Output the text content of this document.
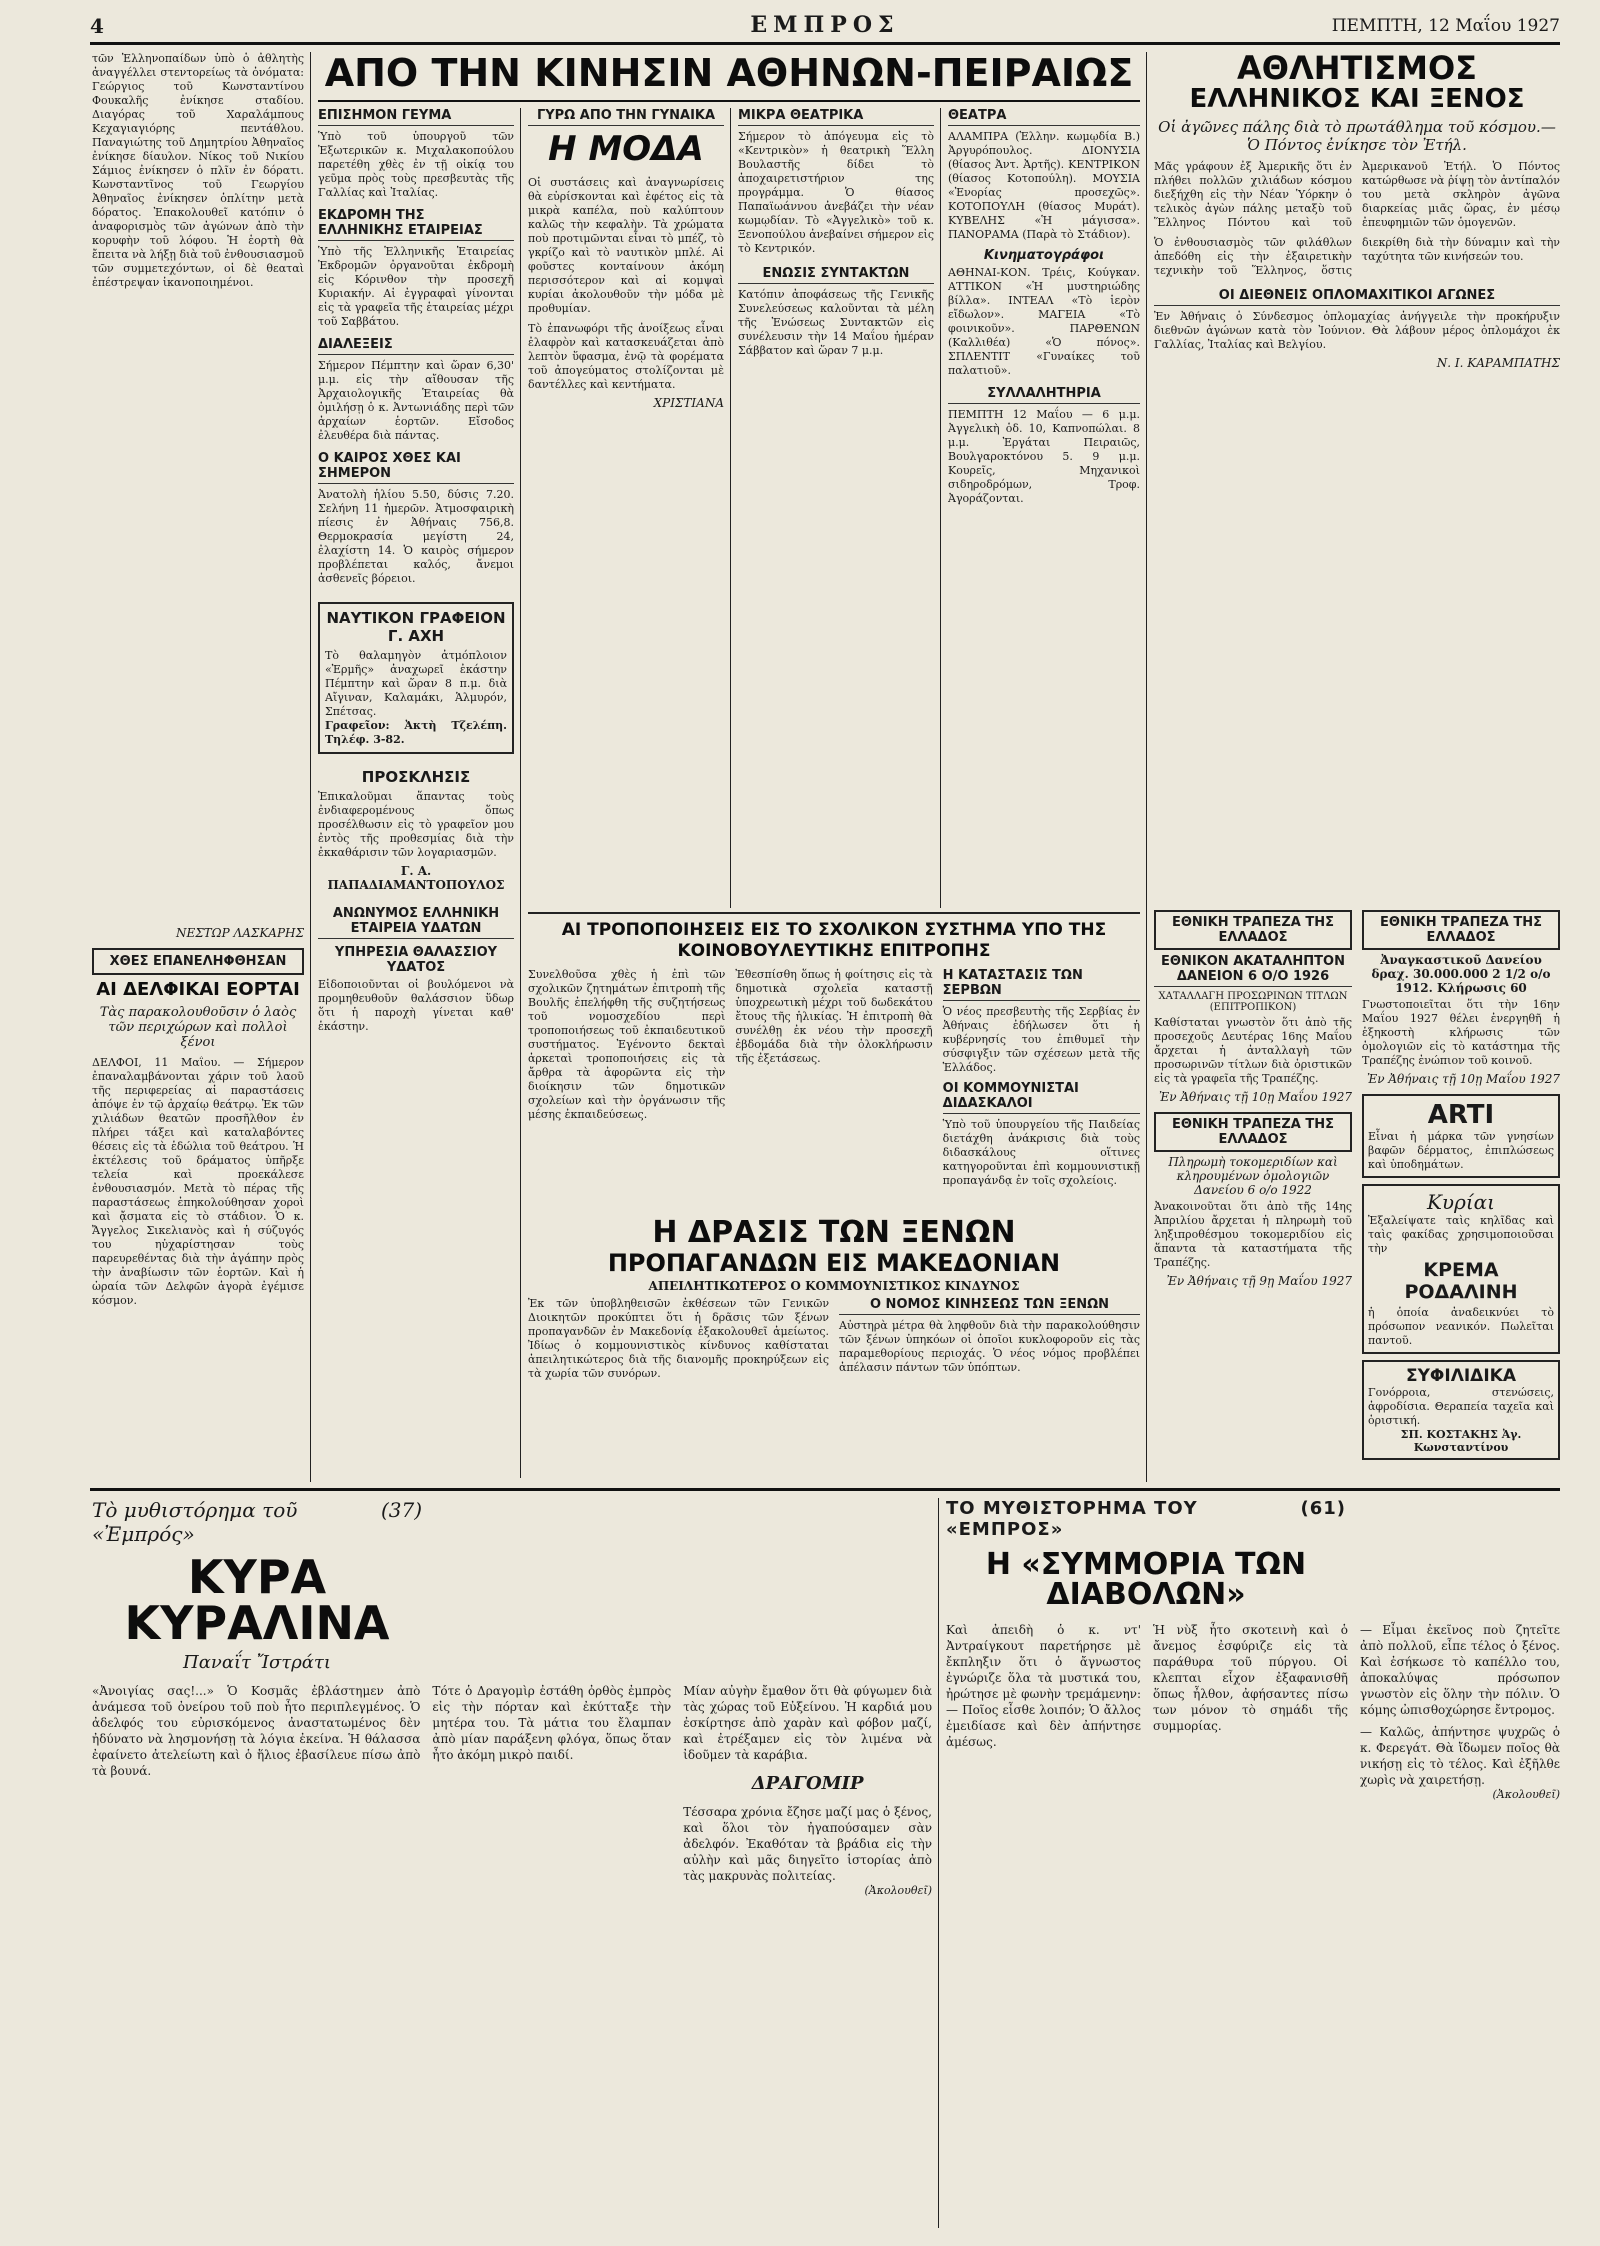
4	ΕΜΠΡΟΣ	ΠΕΜΠΤΗ, 12 Μαΐου 1927

τῶν Ἑλληνοπαίδων ὑπὸ ὁ ἀθλητὴς ἀναγγέλλει στεντορείως τὰ ὀνόματα: Γεώργιος τοῦ Κωνσταντίνου Φουκαλῆς ἐνίκησε σταδίου. Διαγόρας τοῦ Χαραλάμπους Κεχαγιαγιόρης πεντάθλου. Παναγιώτης τοῦ Δημητρίου Ἀθηναῖος ἐνίκησε δίαυλον. Νίκος τοῦ Νικίου Σάμιος ἐνίκησεν ὁ πλῖν ἐν δόρατι. Κωνσταντῖνος τοῦ Γεωργίου Ἀθηναῖος ἐνίκησεν ὁπλίτην μετὰ δόρατος. Ἐπακολουθεῖ κατόπιν ὁ ἀναφορισμὸς τῶν ἀγώνων ἀπὸ τὴν κορυφὴν τοῦ λόφου. Ἡ ἑορτὴ θὰ ἔπειτα νὰ λήξῃ διὰ τοῦ ἐνθουσιασμοῦ τῶν συμμετεχόντων, οἱ δὲ θεαταὶ ἐπέστρεψαν ἱκανοποιημένοι.

ΝΕΣΤΩΡ ΛΑΣΚΑΡΗΣ
ΧΘΕΣ ΕΠΑΝΕΛΗΦΘΗΣΑΝ
ΑΙ ΔΕΛΦΙΚΑΙ ΕΟΡΤΑΙ
Τὰς παρακολουθοῦσιν ὁ λαὸς τῶν περιχώρων καὶ πολλοὶ ξένοι

ΔΕΛΦΟΙ, 11 Μαΐου. — Σήμερον ἐπαναλαμβάνονται χάριν τοῦ λαοῦ τῆς περιφερείας αἱ παραστάσεις ἀπόψε ἐν τῷ ἀρχαίῳ θεάτρῳ. Ἐκ τῶν χιλιάδων θεατῶν προσῆλθον ἐν πλήρει τάξει καὶ καταλαβόντες θέσεις εἰς τὰ ἑδώλια τοῦ θεάτρου. Ἡ ἐκτέλεσις τοῦ δράματος ὑπῆρξε τελεία καὶ προεκάλεσε ἐνθουσιασμόν. Μετὰ τὸ πέρας τῆς παραστάσεως ἐπηκολούθησαν χοροὶ καὶ ᾄσματα εἰς τὸ στάδιον. Ὁ κ. Ἄγγελος Σικελιανὸς καὶ ἡ σύζυγός του ηὐχαρίστησαν τοὺς παρευρεθέντας διὰ τὴν ἀγάπην πρὸς τὴν ἀναβίωσιν τῶν ἑορτῶν. Καὶ ἡ ὡραία τῶν Δελφῶν ἀγορὰ ἐγέμισε κόσμον.

ΑΠΟ ΤΗΝ ΚΙΝΗΣΙΝ ΑΘΗΝΩΝ-ΠΕΙΡΑΙΩΣ
ΕΠΙΣΗΜΟΝ ΓΕΥΜΑ

Ὑπὸ τοῦ ὑπουργοῦ τῶν Ἐξωτερικῶν κ. Μιχαλακοπούλου παρετέθη χθὲς ἐν τῇ οἰκίᾳ του γεῦμα πρὸς τοὺς πρεσβευτὰς τῆς Γαλλίας καὶ Ἰταλίας.

ΕΚΔΡΟΜΗ ΤΗΣ ΕΛΛΗΝΙΚΗΣ ΕΤΑΙΡΕΙΑΣ

Ὑπὸ τῆς Ἑλληνικῆς Ἑταιρείας Ἐκδρομῶν ὀργανοῦται ἐκδρομὴ εἰς Κόρινθον τὴν προσεχῆ Κυριακήν. Αἱ ἐγγραφαὶ γίνονται εἰς τὰ γραφεῖα τῆς ἑταιρείας μέχρι τοῦ Σαββάτου.

ΔΙΑΛΕΞΕΙΣ

Σήμερον Πέμπτην καὶ ὥραν 6,30' μ.μ. εἰς τὴν αἴθουσαν τῆς Ἀρχαιολογικῆς Ἑταιρείας θὰ ὁμιλήσῃ ὁ κ. Ἀντωνιάδης περὶ τῶν ἀρχαίων ἑορτῶν. Εἴσοδος ἐλευθέρα διὰ πάντας.

Ο ΚΑΙΡΟΣ ΧΘΕΣ ΚΑΙ ΣΗΜΕΡΟΝ

Ἀνατολὴ ἡλίου 5.50, δύσις 7.20. Σελήνη 11 ἡμερῶν. Ἀτμοσφαιρικὴ πίεσις ἐν Ἀθήναις 756,8. Θερμοκρασία μεγίστη 24, ἐλαχίστη 14. Ὁ καιρὸς σήμερον προβλέπεται καλός, ἄνεμοι ἀσθενεῖς βόρειοι.

ΝΑΥΤΙΚΟΝ ΓΡΑΦΕΙΟΝ Γ. ΑΧΗ

Τὸ θαλαμηγὸν ἀτμόπλοιον «Ἑρμῆς» ἀναχωρεῖ ἐκάστην Πέμπτην καὶ ὥραν 8 π.μ. διὰ Αἴγιναν, Καλαμάκι, Ἁλμυρόν, Σπέτσας.

Γραφεῖον: Ἀκτὴ Τζελέπη. Τηλέφ. 3-82.

ΠΡΟΣΚΛΗΣΙΣ

Ἐπικαλοῦμαι ἅπαντας τοὺς ἐνδιαφερομένους ὅπως προσέλθωσιν εἰς τὸ γραφεῖον μου ἐντὸς τῆς προθεσμίας διὰ τὴν ἐκκαθάρισιν τῶν λογαριασμῶν.

Γ. Α. ΠΑΠΑΔΙΑΜΑΝΤΟΠΟΥΛΟΣ
ΑΝΩΝΥΜΟΣ ΕΛΛΗΝΙΚΗ ΕΤΑΙΡΕΙΑ ΥΔΑΤΩΝ
ΥΠΗΡΕΣΙΑ ΘΑΛΑΣΣΙΟΥ ΥΔΑΤΟΣ

Εἰδοποιοῦνται οἱ βουλόμενοι νὰ προμηθευθοῦν θαλάσσιον ὕδωρ ὅτι ἡ παροχὴ γίνεται καθ' ἑκάστην.

ΓΥΡΩ ΑΠΟ ΤΗΝ ΓΥΝΑΙΚΑ
Η ΜΟΔΑ

Οἱ συστάσεις καὶ ἀναγνωρίσεις θὰ εὑρίσκονται καὶ ἐφέτος εἰς τὰ μικρὰ καπέλα, ποὺ καλύπτουν καλῶς τὴν κεφαλὴν. Τὰ χρώματα ποὺ προτιμῶνται εἶναι τὸ μπέζ, τὸ γκρίζο καὶ τὸ ναυτικὸν μπλέ. Αἱ φοῦστες κονταίνουν ἀκόμη περισσότερον καὶ αἱ κομψαὶ κυρίαι ἀκολουθοῦν τὴν μόδα μὲ προθυμίαν.

Τὸ ἐπανωφόρι τῆς ἀνοίξεως εἶναι ἐλαφρὸν καὶ κατασκευάζεται ἀπὸ λεπτὸν ὕφασμα, ἐνῷ τὰ φορέματα τοῦ ἀπογεύματος στολίζονται μὲ δαντέλλες καὶ κεντήματα.

ΧΡΙΣΤΙΑΝΑ
ΜΙΚΡΑ ΘΕΑΤΡΙΚΑ

Σήμερον τὸ ἀπόγευμα εἰς τὸ «Κεντρικὸν» ἡ θεατρικὴ Ἕλλη Βουλαστῆς δίδει τὸ ἀποχαιρετιστήριον της προγράμμα. Ὁ θίασος Παπαϊωάννου ἀνεβάζει τὴν νέαν κωμῳδίαν. Τὸ «Ἀγγελικὸ» τοῦ κ. Ξενοπούλου ἀνεβαίνει σήμερον εἰς τὸ Κεντρικόν.

ΕΝΩΣΙΣ ΣΥΝΤΑΚΤΩΝ

Κατόπιν ἀποφάσεως τῆς Γενικῆς Συνελεύσεως καλοῦνται τὰ μέλη τῆς Ἑνώσεως Συντακτῶν εἰς συνέλευσιν τὴν 14 Μαΐου ἡμέραν Σάββατον καὶ ὥραν 7 μ.μ.

ΘΕΑΤΡΑ

ΑΛΑΜΠΡΑ (Ἑλλην. κωμῳδία Β.) Ἀργυρόπουλος. ΔΙΟΝΥΣΙΑ (θίασος Ἀντ. Ἀρτῆς). ΚΕΝΤΡΙΚΟΝ (θίασος Κοτοπούλη). ΜΟΥΣΙΑ «Ἐνορίας προσεχῶς». ΚΟΤΟΠΟΥΛΗ (θίασος Μυράτ). ΚΥΒΕΛΗΣ «Ἡ μάγισσα». ΠΑΝΟΡΑΜΑ (Παρὰ τὸ Στάδιον).

Κινηματογράφοι

ΑΘΗΝΑΙ-ΚΟΝ. Τρέις, Κούγκαν. ΑΤΤΙΚΟΝ «Ἡ μυστηριώδης βίλλα». ΙΝΤΕΑΛ «Τὸ ἱερὸν εἴδωλον». ΜΑΓΕΙΑ «Τὸ φοινικοῦν». ΠΑΡΘΕΝΩΝ (Καλλιθέα) «Ὁ πόνος». ΣΠΛΕΝΤΙΤ «Γυναίκες τοῦ παλατιοῦ».

ΣΥΛΛΑΛΗΤΗΡΙΑ

ΠΕΜΠΤΗ 12 Μαΐου — 6 μ.μ. Ἀγγελικὴ ὁδ. 10, Καπνοπώλαι. 8 μ.μ. Ἐργάται Πειραιῶς, Βουλγαροκτόνου 5. 9 μ.μ. Κουρεῖς, Μηχανικοὶ σιδηροδρόμων, Τροφ. Ἀγοράζονται.

ΑΘΛΗΤΙΣΜΟΣ
ΕΛΛΗΝΙΚΟΣ ΚΑΙ ΞΕΝΟΣ
Οἱ ἀγῶνες πάλης διὰ τὸ πρωτάθλημα τοῦ κόσμου.— Ὁ Πόντος ἐνίκησε τὸν Ἐτήλ.

Μᾶς γράφουν ἐξ Ἀμερικῆς ὅτι ἐν πλήθει πολλῶν χιλιάδων κόσμου διεξήχθη εἰς τὴν Νέαν Ὑόρκην ὁ τελικὸς ἀγὼν πάλης μεταξὺ τοῦ Ἕλληνος Πόντου καὶ τοῦ Ἀμερικανοῦ Ἐτήλ. Ὁ Πόντος κατώρθωσε νὰ ῥίψῃ τὸν ἀντίπαλόν του μετὰ σκληρὸν ἀγῶνα διαρκείας μιᾶς ὥρας, ἐν μέσῳ ἐπευφημιῶν τῶν ὁμογενῶν.

Ὁ ἐνθουσιασμὸς τῶν φιλάθλων ἀπεδόθη εἰς τὴν ἐξαιρετικὴν τεχνικὴν τοῦ Ἕλληνος, ὅστις διεκρίθη διὰ τὴν δύναμιν καὶ τὴν ταχύτητα τῶν κινήσεών του.

ΟΙ ΔΙΕΘΝΕΙΣ ΟΠΛΟΜΑΧΙΤΙΚΟΙ ΑΓΩΝΕΣ

Ἐν Ἀθήναις ὁ Σύνδεσμος ὀπλομαχίας ἀνήγγειλε τὴν προκήρυξιν διεθνῶν ἀγώνων κατὰ τὸν Ἰούνιον. Θὰ λάβουν μέρος ὀπλομάχοι ἐκ Γαλλίας, Ἰταλίας καὶ Βελγίου.

Ν. Ι. ΚΑΡΑΜΠΑΤΗΣ
ΑΙ ΤΡΟΠΟΠΟΙΗΣΕΙΣ ΕΙΣ ΤΟ ΣΧΟΛΙΚΟΝ ΣΥΣΤΗΜΑ ΥΠΟ ΤΗΣ ΚΟΙΝΟΒΟΥΛΕΥΤΙΚΗΣ ΕΠΙΤΡΟΠΗΣ

Συνελθοῦσα χθὲς ἡ ἐπὶ τῶν σχολικῶν ζητημάτων ἐπιτροπὴ τῆς Βουλῆς ἐπελήφθη τῆς συζητήσεως τοῦ νομοσχεδίου περὶ τροποποιήσεως τοῦ ἐκπαιδευτικοῦ συστήματος. Ἐγένοντο δεκταὶ ἀρκεταὶ τροποποιήσεις εἰς τὰ ἄρθρα τὰ ἀφορῶντα εἰς τὴν διοίκησιν τῶν δημοτικῶν σχολείων καὶ τὴν ὀργάνωσιν τῆς μέσης ἐκπαιδεύσεως.

Ἐθεσπίσθη ὅπως ἡ φοίτησις εἰς τὰ δημοτικὰ σχολεῖα καταστῇ ὑποχρεωτικὴ μέχρι τοῦ δωδεκάτου ἔτους τῆς ἡλικίας. Ἡ ἐπιτροπὴ θὰ συνέλθῃ ἐκ νέου τὴν προσεχῆ ἑβδομάδα διὰ τὴν ὁλοκλήρωσιν τῆς ἐξετάσεως.

Η ΚΑΤΑΣΤΑΣΙΣ ΤΩΝ ΣΕΡΒΩΝ

Ὁ νέος πρεσβευτὴς τῆς Σερβίας ἐν Ἀθήναις ἐδήλωσεν ὅτι ἡ κυβέρνησίς του ἐπιθυμεῖ τὴν σύσφιγξιν τῶν σχέσεων μετὰ τῆς Ἑλλάδος.

ΟΙ ΚΟΜΜΟΥΝΙΣΤΑΙ ΔΙΔΑΣΚΑΛΟΙ

Ὑπὸ τοῦ ὑπουργείου τῆς Παιδείας διετάχθη ἀνάκρισις διὰ τοὺς διδασκάλους οἵτινες κατηγοροῦνται ἐπὶ κομμουνιστικῇ προπαγάνδᾳ ἐν τοῖς σχολείοις.

Η ΔΡΑΣΙΣ ΤΩΝ ΞΕΝΩΝ
ΠΡΟΠΑΓΑΝΔΩΝ ΕΙΣ ΜΑΚΕΔΟΝΙΑΝ
ΑΠΕΙΛΗΤΙΚΩΤΕΡΟΣ Ο ΚΟΜΜΟΥΝΙΣΤΙΚΟΣ ΚΙΝΔΥΝΟΣ

Ἐκ τῶν ὑποβληθεισῶν ἐκθέσεων τῶν Γενικῶν Διοικητῶν προκύπτει ὅτι ἡ δρᾶσις τῶν ξένων προπαγανδῶν ἐν Μακεδονίᾳ ἐξακολουθεῖ ἀμείωτος. Ἰδίως ὁ κομμουνιστικὸς κίνδυνος καθίσταται ἀπειλητικώτερος διὰ τῆς διανομῆς προκηρύξεων εἰς τὰ χωρία τῶν συνόρων.

Ο ΝΟΜΟΣ ΚΙΝΗΣΕΩΣ ΤΩΝ ΞΕΝΩΝ

Αὐστηρὰ μέτρα θὰ ληφθοῦν διὰ τὴν παρακολούθησιν τῶν ξένων ὑπηκόων οἱ ὁποῖοι κυκλοφοροῦν εἰς τὰς παραμεθορίους περιοχάς. Ὁ νέος νόμος προβλέπει ἀπέλασιν πάντων τῶν ὑπόπτων.

ΕΘΝΙΚΗ ΤΡΑΠΕΖΑ ΤΗΣ ΕΛΛΑΔΟΣ
ΕΘΝΙΚΟΝ ΑΚΑΤΑΛΗΠΤΟΝ ΔΑΝΕΙΟΝ 6 Ο/Ο 1926
ΧΑΤΑΛΛΑΓΗ ΠΡΟΣΩΡΙΝΩΝ ΤΙΤΛΩΝ (ΕΠΙΤΡΟΠΙΚΟΝ)

Καθίσταται γνωστὸν ὅτι ἀπὸ τῆς προσεχοῦς Δευτέρας 16ης Μαΐου ἄρχεται ἡ ἀνταλλαγὴ τῶν προσωρινῶν τίτλων διὰ ὁριστικῶν εἰς τὰ γραφεῖα τῆς Τραπέζης.

Ἐν Ἀθήναις τῇ 10ῃ Μαΐου 1927
ΕΘΝΙΚΗ ΤΡΑΠΕΖΑ ΤΗΣ ΕΛΛΑΔΟΣ
Πληρωμὴ τοκομεριδίων καὶ κληρουμένων ὁμολογιῶν Δανείου 6 ο/ο 1922

Ἀνακοινοῦται ὅτι ἀπὸ τῆς 14ης Ἀπριλίου ἄρχεται ἡ πληρωμὴ τοῦ ληξιπροθέσμου τοκομεριδίου εἰς ἅπαντα τὰ καταστήματα τῆς Τραπέζης.

Ἐν Ἀθήναις τῇ 9ῃ Μαΐου 1927
ΕΘΝΙΚΗ ΤΡΑΠΕΖΑ ΤΗΣ ΕΛΛΑΔΟΣ
Ἀναγκαστικοῦ Δανείου δραχ. 30.000.000 2 1/2 ο/ο 1912. Κλήρωσις 60

Γνωστοποιεῖται ὅτι τὴν 16ην Μαΐου 1927 θέλει ἐνεργηθῆ ἡ ἑξηκοστὴ κλήρωσις τῶν ὁμολογιῶν εἰς τὸ κατάστημα τῆς Τραπέζης ἐνώπιον τοῦ κοινοῦ.

Ἐν Ἀθήναις τῇ 10ῃ Μαΐου 1927
ARTI

Εἶναι ἡ μάρκα τῶν γνησίων βαφῶν δέρματος, ἐπιπλώσεως καὶ ὑποδημάτων.

Κυρίαι

Ἐξαλείψατε ταὶς κηλῖδας καὶ ταὶς φακίδας χρησιμοποιοῦσαι τὴν

ΚΡΕΜΑ ΡΟΔΑΛΙΝΗ

ἡ ὁποία ἀναδεικνύει τὸ πρόσωπον νεανικόν. Πωλεῖται παντοῦ.

ΣΥΦΙΛΙΔΙΚΑ

Γονόρροια, στενώσεις, ἀφροδίσια. Θεραπεία ταχεῖα καὶ ὁριστική.

ΣΠ. ΚΟΣΤΑΚΗΣ Ἀγ. Κωνσταντίνου
Τὸ μυθιστόρημα τοῦ «Ἐμπρός»
(37)
ΚΥΡΑ ΚΥΡΑΛΙΝΑ
Παναΐτ Ἴστράτι

«Ἀνοιγίας σας!...» Ὁ Κοσμᾶς ἐβλάστημεν ἀπὸ ἀνάμεσα τοῦ ὀνείρου τοῦ ποὺ ἦτο περιπλεγμένος. Ὁ ἀδελφός του εὐρισκόμενος ἀναστατωμένος δὲν ἠδύνατο νὰ λησμονήσῃ τὰ λόγια ἐκείνα. Ἡ θάλασσα ἐφαίνετο ἀτελείωτη καὶ ὁ ἥλιος ἐβασίλευε πίσω ἀπὸ τὰ βουνά.

Τότε ὁ Δραγομὶρ ἐστάθη ὀρθὸς ἐμπρὸς εἰς τὴν πόρταν καὶ ἐκύτταξε τὴν μητέρα του. Τὰ μάτια του ἔλαμπαν ἀπὸ μίαν παράξενη φλόγα, ὅπως ὅταν ἦτο ἀκόμη μικρὸ παιδί.

Μίαν αὐγὴν ἔμαθον ὅτι θὰ φύγωμεν διὰ τὰς χώρας τοῦ Εὐξείνου. Ἡ καρδιά μου ἐσκίρτησε ἀπὸ χαρὰν καὶ φόβον μαζί, καὶ ἐτρέξαμεν εἰς τὸν λιμένα νὰ ἰδοῦμεν τὰ καράβια.

ΔΡΑΓΟΜΙΡ

Τέσσαρα χρόνια ἔζησε μαζί μας ὁ ξένος, καὶ ὅλοι τὸν ἠγαπούσαμεν σὰν ἀδελφόν. Ἐκαθόταν τὰ βράδια εἰς τὴν αὐλὴν καὶ μᾶς διηγεῖτο ἱστορίας ἀπὸ τὰς μακρυνὰς πολιτείας.

(Ἀκολουθεῖ)
ΤΟ ΜΥΘΙΣΤΟΡΗΜΑ ΤΟΥ «ΕΜΠΡΟΣ»
(61)
Η «ΣΥΜΜΟΡΙΑ ΤΩΝ ΔΙΑΒΟΛΩΝ»

Καὶ ἀπειδὴ ὁ κ. ντ' Ἀντραίγκουτ παρετήρησε μὲ ἔκπληξιν ὅτι ὁ ἄγνωστος ἐγνώριζε ὅλα τὰ μυστικά του, ἠρώτησε μὲ φωνὴν τρεμάμενην: — Ποῖος εἶσθε λοιπόν; Ὁ ἄλλος ἐμειδίασε καὶ δὲν ἀπήντησε ἀμέσως.

Ἡ νὺξ ἦτο σκοτεινὴ καὶ ὁ ἄνεμος ἐσφύριζε εἰς τὰ παράθυρα τοῦ πύργου. Οἱ κλεπται εἶχον ἐξαφανισθῆ ὅπως ἦλθον, ἀφήσαντες πίσω των μόνον τὸ σημάδι τῆς συμμορίας.

— Εἶμαι ἐκεῖνος ποὺ ζητεῖτε ἀπὸ πολλοῦ, εἶπε τέλος ὁ ξένος. Καὶ ἐσήκωσε τὸ καπέλλο του, ἀποκαλύψας πρόσωπον γνωστὸν εἰς ὅλην τὴν πόλιν. Ὁ κόμης ὠπισθοχώρησε ἔντρομος.

— Καλῶς, ἀπήντησε ψυχρῶς ὁ κ. Φερεγάτ. Θὰ ἴδωμεν ποῖος θὰ νικήσῃ εἰς τὸ τέλος. Καὶ ἐξῆλθε χωρὶς νὰ χαιρετήσῃ.

(Ἀκολουθεῖ)
